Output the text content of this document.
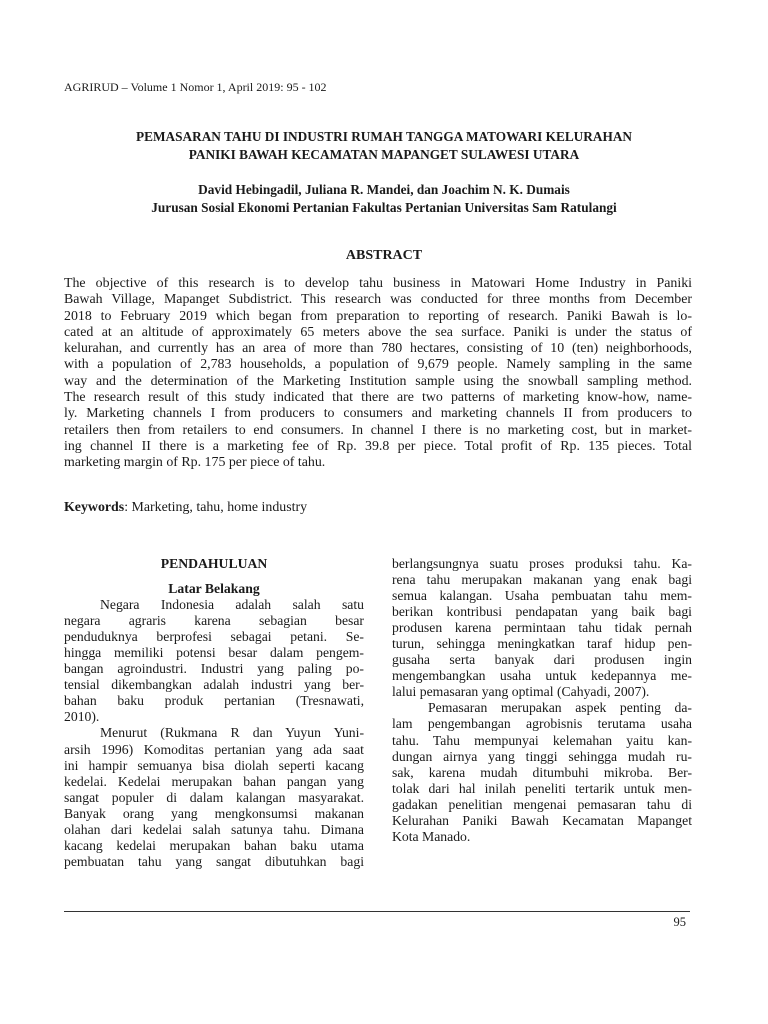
AGRIRUD – Volume 1 Nomor 1, April 2019: 95 - 102
PEMASARAN TAHU DI INDUSTRI RUMAH TANGGA MATOWARI KELURAHAN
PANIKI BAWAH KECAMATAN MAPANGET SULAWESI UTARA
David Hebingadil, Juliana R. Mandei, dan Joachim N. K. Dumais
Jurusan Sosial Ekonomi Pertanian Fakultas Pertanian Universitas Sam Ratulangi
ABSTRACT
The objective of this research is to develop tahu business in Matowari Home Industry in Paniki
Bawah Village, Mapanget Subdistrict. This research was conducted for three months from December
2018 to February 2019 which began from preparation to reporting of research. Paniki Bawah is lo-
cated at an altitude of approximately 65 meters above the sea surface. Paniki is under the status of
kelurahan, and currently has an area of more than 780 hectares, consisting of 10 (ten) neighborhoods,
with a population of 2,783 households, a population of 9,679 people. Namely sampling in the same
way and the determination of the Marketing Institution sample using the snowball sampling method.
The research result of this study indicated that there are two patterns of marketing know-how, name-
ly. Marketing channels I from producers to consumers and marketing channels II from producers to
retailers then from retailers to end consumers. In channel I there is no marketing cost, but in market-
ing channel II there is a marketing fee of Rp. 39.8 per piece. Total profit of Rp. 135 pieces. Total
marketing margin of Rp. 175 per piece of tahu.
Keywords: Marketing, tahu, home industry
PENDAHULUAN
Latar Belakang
Negara Indonesia adalah salah satu
negara agraris karena sebagian besar
penduduknya berprofesi sebagai petani. Se-
hingga memiliki potensi besar dalam pengem-
bangan agroindustri. Industri yang paling po-
tensial dikembangkan adalah industri yang ber-
bahan baku produk pertanian (Tresnawati,
2010).
Menurut (Rukmana R dan Yuyun Yuni-
arsih 1996) Komoditas pertanian yang ada saat
ini hampir semuanya bisa diolah seperti kacang
kedelai. Kedelai merupakan bahan pangan yang
sangat populer di dalam kalangan masyarakat.
Banyak orang yang mengkonsumsi makanan
olahan dari kedelai salah satunya tahu. Dimana
kacang kedelai merupakan bahan baku utama
pembuatan tahu yang sangat dibutuhkan bagi
berlangsungnya suatu proses produksi tahu. Ka-
rena tahu merupakan makanan yang enak bagi
semua kalangan. Usaha pembuatan tahu mem-
berikan kontribusi pendapatan yang baik bagi
produsen karena permintaan tahu tidak pernah
turun, sehingga meningkatkan taraf hidup pen-
gusaha serta banyak dari produsen ingin
mengembangkan usaha untuk kedepannya me-
lalui pemasaran yang optimal (Cahyadi, 2007).
Pemasaran merupakan aspek penting da-
lam pengembangan agrobisnis terutama usaha
tahu. Tahu mempunyai kelemahan yaitu kan-
dungan airnya yang tinggi sehingga mudah ru-
sak, karena mudah ditumbuhi mikroba. Ber-
tolak dari hal inilah peneliti tertarik untuk men-
gadakan penelitian mengenai pemasaran tahu di
Kelurahan Paniki Bawah Kecamatan Mapanget
Kota Manado.
95
